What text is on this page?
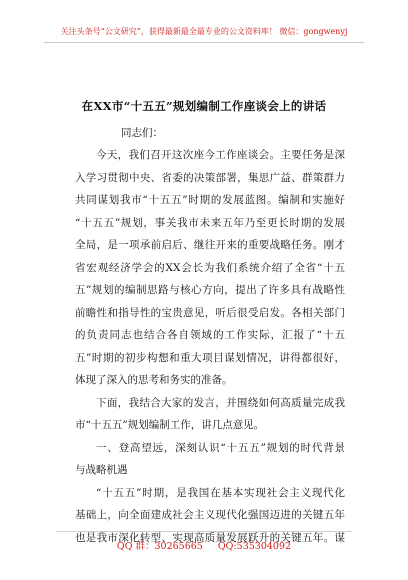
关注头条号“公文研究”，获得最新最全最专业的公文资料库！ 微信：gongwenyj
在XX市“十五五”规划编制工作座谈会上的讲话
同志们：
今天，我们召开这次座今工作座谈会。主要任务是深
入学习贯彻中央、省委的决策部署，集思广益、群策群力
共同谋划我市“十五五”时期的发展蓝图。编制和实施好
“十五五”规划，事关我市未来五年乃至更长时期的发展
全局，是一项承前启后、继往开来的重要战略任务。刚才
省宏观经济学会的XX会长为我们系统介绍了全省“十五
五”规划的编制思路与核心方向，提出了许多具有战略性
前瞻性和指导性的宝贵意见，听后很受启发。各相关部门
的负责同志也结合各自领域的工作实际，汇报了“十五
五”时期的初步构想和重大项目谋划情况，讲得都很好，
体现了深入的思考和务实的准备。
下面，我结合大家的发言，并围绕如何高质量完成我
市“十五五”规划编制工作，讲几点意见。
一、登高望远，深刻认识“十五五”规划的时代背景
与战略机遇
“十五五”时期，是我国在基本实现社会主义现代化
基础上，向全面建成社会主义现代化强国迈进的关键五年
也是我市深化转型、实现高质量发展跃升的关键五年。谋
QQ 群：30265665 QQ:535304092
